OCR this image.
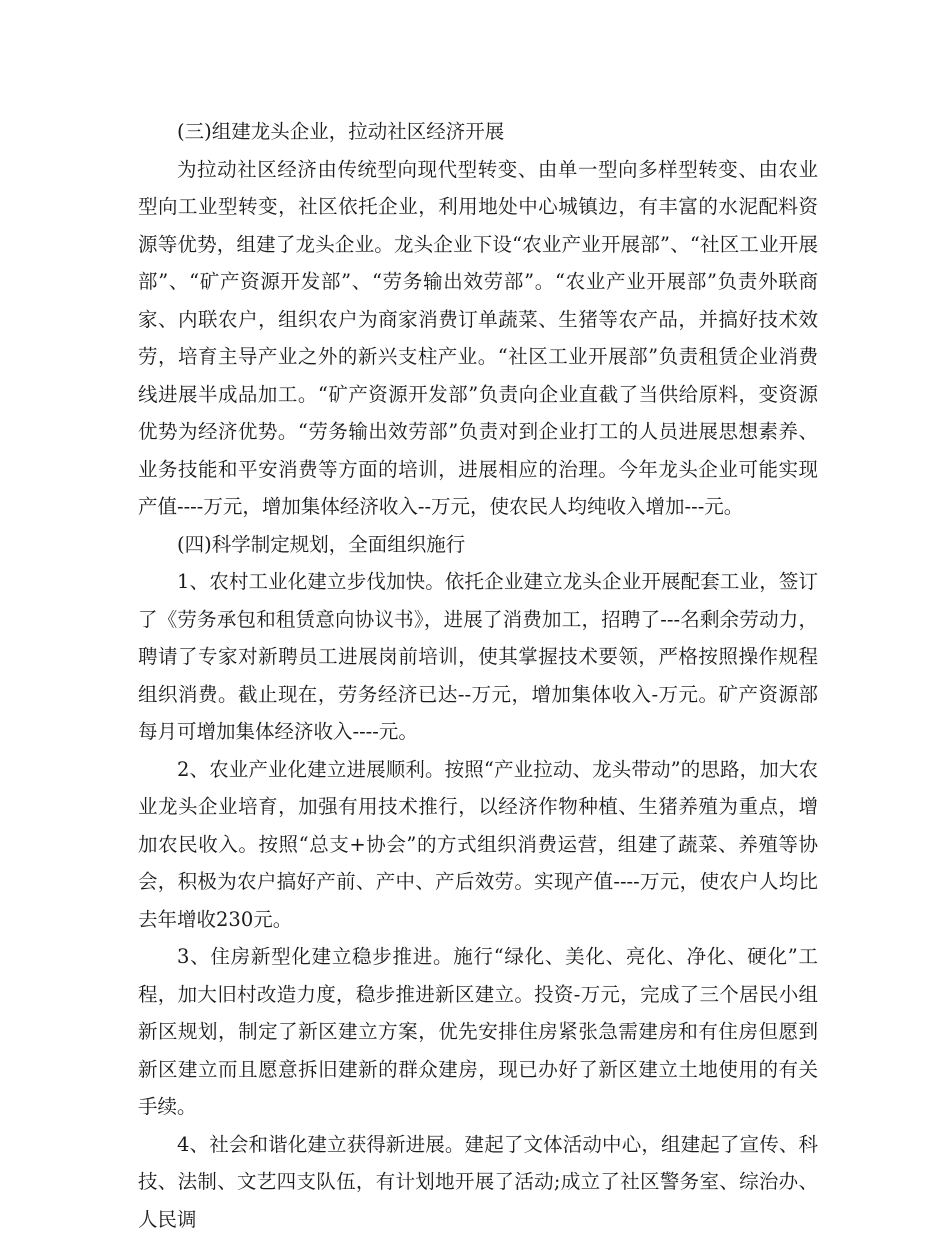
(三)组建龙头企业，拉动社区经济开展

为拉动社区经济由传统型向现代型转变、由单一型向多样型转变、由农业型向工业型转变，社区依托企业，利用地处中心城镇边，有丰富的水泥配料资源等优势，组建了龙头企业。龙头企业下设“农业产业开展部”、“社区工业开展部”、“矿产资源开发部”、“劳务输出效劳部”。“农业产业开展部”负责外联商家、内联农户，组织农户为商家消费订单蔬菜、生猪等农产品，并搞好技术效劳，培育主导产业之外的新兴支柱产业。“社区工业开展部”负责租赁企业消费线进展半成品加工。“矿产资源开发部”负责向企业直截了当供给原料，变资源优势为经济优势。“劳务输出效劳部”负责对到企业打工的人员进展思想素养、业务技能和平安消费等方面的培训，进展相应的治理。今年龙头企业可能实现产值----万元，增加集体经济收入--万元，使农民人均纯收入增加---元。

(四)科学制定规划，全面组织施行

1、农村工业化建立步伐加快。依托企业建立龙头企业开展配套工业，签订了《劳务承包和租赁意向协议书》，进展了消费加工，招聘了---名剩余劳动力，聘请了专家对新聘员工进展岗前培训，使其掌握技术要领，严格按照操作规程组织消费。截止现在，劳务经济已达--万元，增加集体收入-万元。矿产资源部每月可增加集体经济收入----元。

2、农业产业化建立进展顺利。按照“产业拉动、龙头带动”的思路，加大农业龙头企业培育，加强有用技术推行，以经济作物种植、生猪养殖为重点，增加农民收入。按照“总支+协会”的方式组织消费运营，组建了蔬菜、养殖等协会，积极为农户搞好产前、产中、产后效劳。实现产值----万元，使农户人均比去年增收230元。

3、住房新型化建立稳步推进。施行“绿化、美化、亮化、净化、硬化”工程，加大旧村改造力度，稳步推进新区建立。投资-万元，完成了三个居民小组新区规划，制定了新区建立方案，优先安排住房紧张急需建房和有住房但愿到新区建立而且愿意拆旧建新的群众建房，现已办好了新区建立土地使用的有关手续。

4、社会和谐化建立获得新进展。建起了文体活动中心，组建起了宣传、科技、法制、文艺四支队伍，有计划地开展了活动;成立了社区警务室、综治办、人民调
